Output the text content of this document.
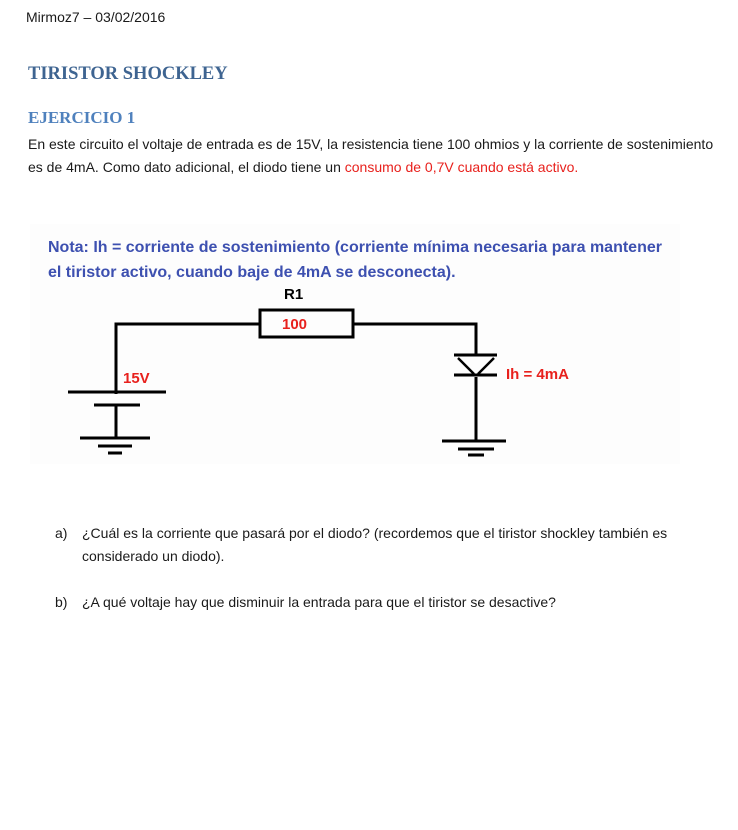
Mirmoz7 – 03/02/2016
TIRISTOR SHOCKLEY
EJERCICIO 1
En este circuito el voltaje de entrada es de 15V, la resistencia tiene 100 ohmios y la corriente de sostenimiento es de 4mA. Como dato adicional, el diodo tiene un consumo de 0,7V cuando está activo.
Nota: Ih = corriente de sostenimiento (corriente mínima necesaria para mantener el tiristor activo, cuando baje de 4mA se desconecta).
R1
100
15V	Ih = 4mA
a)	¿Cuál es la corriente que pasará por el diodo? (recordemos que el tiristor shockley también es considerado un diodo).
b)	¿A qué voltaje hay que disminuir la entrada para que el tiristor se desactive?
